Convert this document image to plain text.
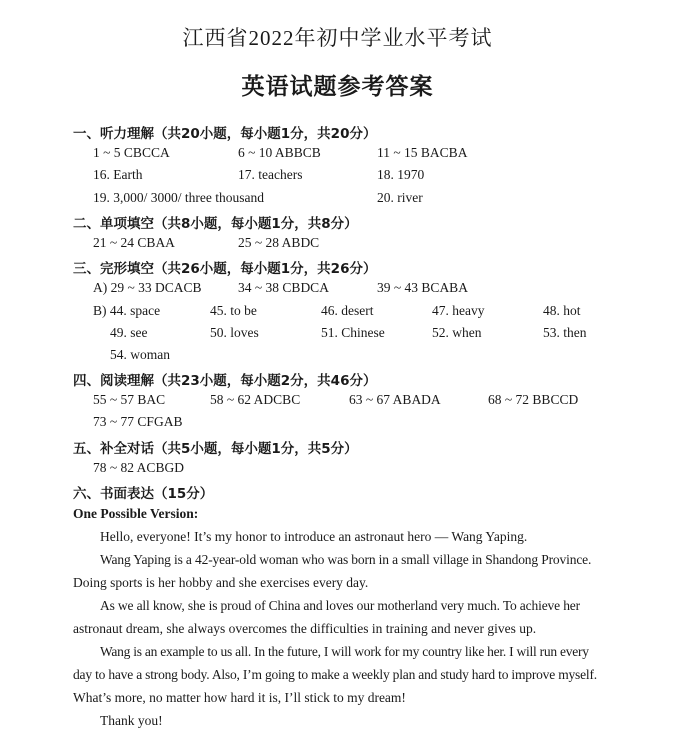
江西省2022年初中学业水平考试
英语试题参考答案
一、听力理解（共20小题，每小题1分，共20分）
1 ~ 5 CBCCA	6 ~ 10 ABBCB	11 ~ 15 BACBA
16. Earth	17. teachers	18. 1970
19. 3,000/ 3000/ three thousand	20. river
二、单项填空（共8小题，每小题1分，共8分）
21 ~ 24 CBAA	25 ~ 28 ABDC
三、完形填空（共26小题，每小题1分，共26分）
A) 29 ~ 33 DCACB	34 ~ 38 CBDCA	39 ~ 43 BCABA
B) 44. space	45. to be	46. desert	47. heavy	48. hot
49. see	50. loves	51. Chinese	52. when	53. then
54. woman
四、阅读理解（共23小题，每小题2分，共46分）
55 ~ 57 BAC	58 ~ 62 ADCBC	63 ~ 67 ABADA	68 ~ 72 BBCCD
73 ~ 77 CFGAB
五、补全对话（共5小题，每小题1分，共5分）
78 ~ 82 ACBGD
六、书面表达（15分）
One Possible Version:
Hello, everyone! It’s my honor to introduce an astronaut hero — Wang Yaping.
Wang Yaping is a 42-year-old woman who was born in a small village in Shandong Province.
Doing sports is her hobby and she exercises every day.
As we all know, she is proud of China and loves our motherland very much. To achieve her
astronaut dream, she always overcomes the difficulties in training and never gives up.
Wang is an example to us all. In the future, I will work for my country like her. I will run every
day to have a strong body. Also, I’m going to make a weekly plan and study hard to improve myself.
What’s more, no matter how hard it is, I’ll stick to my dream!
Thank you!
